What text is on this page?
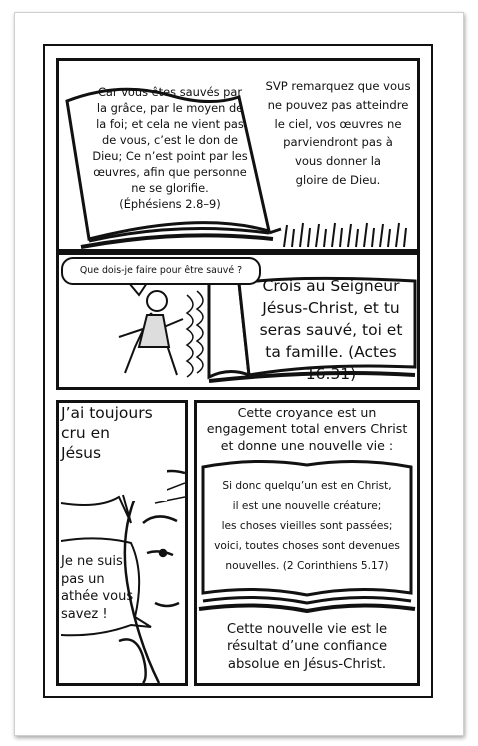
Car vous êtes sauvés par
la grâce, par le moyen de
la foi; et cela ne vient pas
de vous, c’est le don de
Dieu; Ce n’est point par les
œuvres, afin que personne
ne se glorifie.
(Éphésiens 2.8–9)
SVP remarquez que vous
ne pouvez pas atteindre
le ciel, vos œuvres ne
parviendront pas à
vous donner la
gloire de Dieu.
Que dois-je faire pour être sauvé ?
Crois au Seigneur
Jésus-Christ, et tu
seras sauvé, toi et
ta famille. (Actes 16.31)
J’ai toujours
cru en
Jésus
Je ne suis
pas un
athée vous
savez !
Cette croyance est un
engagement total envers Christ
et donne une nouvelle vie :
Si donc quelqu’un est en Christ,
il est une nouvelle créature;
les choses vieilles sont passées;
voici, toutes choses sont devenues
nouvelles. (2 Corinthiens 5.17)
Cette nouvelle vie est le
résultat d’une confiance
absolue en Jésus-Christ.
